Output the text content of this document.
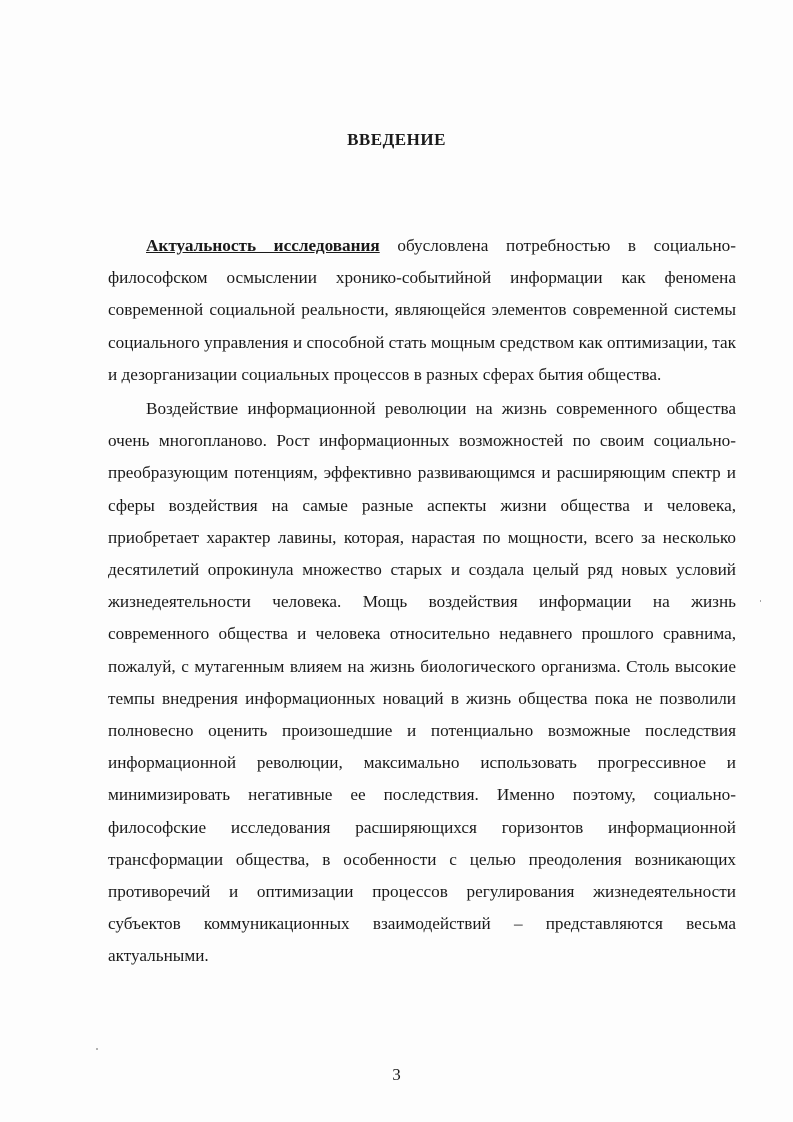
ВВЕДЕНИЕ

Актуальность исследования обусловлена потребностью в социально-философском осмыслении хронико-событийной информации как феномена современной социальной реальности, являющейся элементов современной системы социального управления и способной стать мощным средством как оптимизации, так и дезорганизации социальных процессов в разных сферах бытия общества.

Воздействие информационной революции на жизнь современного общества очень многопланово. Рост информационных возможностей по своим социально-преобразующим потенциям, эффективно развивающимся и расширяющим спектр и сферы воздействия на самые разные аспекты жизни общества и человека, приобретает характер лавины, которая, нарастая по мощности, всего за несколько десятилетий опрокинула множество старых и создала целый ряд новых условий жизнедеятельности человека. Мощь воздействия информации на жизнь современного общества и человека относительно недавнего прошлого сравнима, пожалуй, с мутагенным влияем на жизнь биологического организма. Столь высокие темпы внедрения информационных новаций в жизнь общества пока не позволили полновесно оценить произошедшие и потенциально возможные последствия информационной революции, максимально использовать прогрессивное и минимизировать негативные ее последствия. Именно поэтому, социально-философские исследования расширяющихся горизонтов информационной трансформации общества, в особенности с целью преодоления возникающих противоречий и оптимизации процессов регулирования жизнедеятельности субъектов коммуникационных взаимодействий – представляются весьма актуальными.

3
